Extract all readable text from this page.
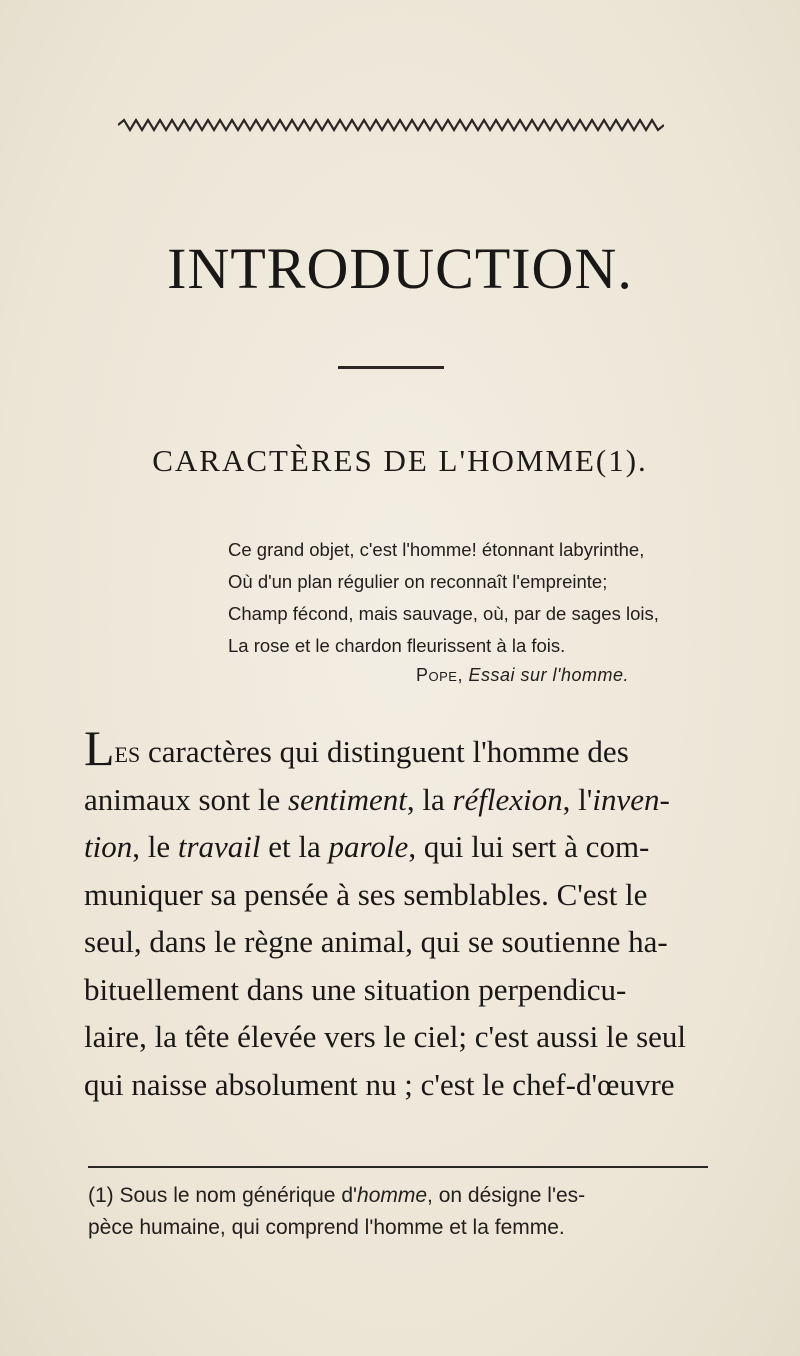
INTRODUCTION.
CARACTÈRES DE L'HOMME(1).
Ce grand objet, c'est l'homme! étonnant labyrinthe,
Où d'un plan régulier on reconnaît l'empreinte;
Champ fécond, mais sauvage, où, par de sages lois,
La rose et le chardon fleurissent à la fois.
Pope, Essai sur l'homme.
Les caractères qui distinguent l'homme des
animaux sont le sentiment, la réflexion, l'inven-
tion, le travail et la parole, qui lui sert à com-
muniquer sa pensée à ses semblables. C'est le
seul, dans le règne animal, qui se soutienne ha-
bituellement dans une situation perpendicu-
laire, la tête élevée vers le ciel; c'est aussi le seul
qui naisse absolument nu ; c'est le chef-d'œuvre
(1) Sous le nom générique d'homme, on désigne l'es-
pèce humaine, qui comprend l'homme et la femme.
